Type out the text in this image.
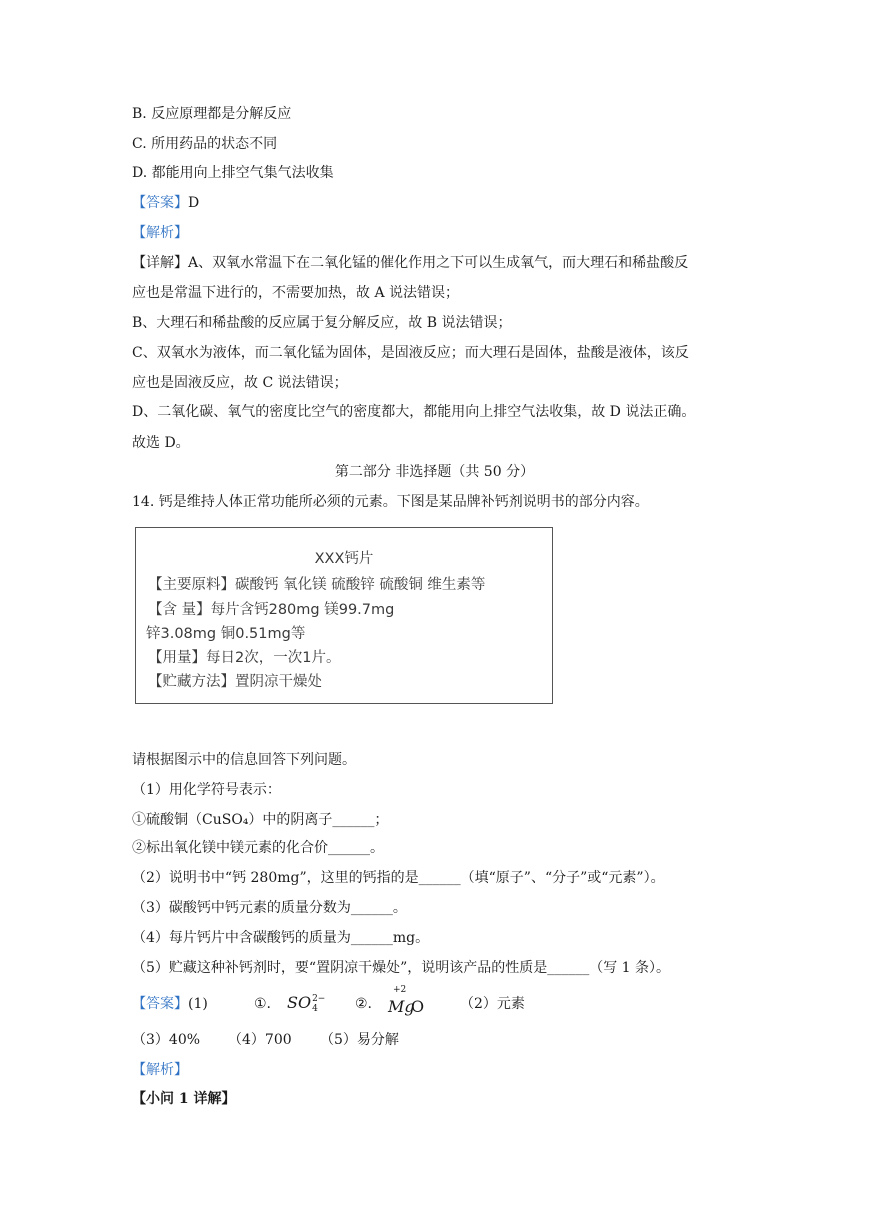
B. 反应原理都是分解反应
C. 所用药品的状态不同
D. 都能用向上排空气集气法收集
【答案】D
【解析】
【详解】A、双氧水常温下在二氧化锰的催化作用之下可以生成氧气，而大理石和稀盐酸反
应也是常温下进行的，不需要加热，故 A 说法错误；
B、大理石和稀盐酸的反应属于复分解反应，故 B 说法错误；
C、双氧水为液体，而二氧化锰为固体，是固液反应；而大理石是固体，盐酸是液体，该反
应也是固液反应，故 C 说法错误；
D、二氧化碳、氧气的密度比空气的密度都大，都能用向上排空气法收集，故 D 说法正确。
故选 D。
第二部分 非选择题（共 50 分）
14. 钙是维持人体正常功能所必须的元素。下图是某品牌补钙剂说明书的部分内容。
XXX钙片
【主要原料】碳酸钙 氧化镁 硫酸锌 硫酸铜 维生素等
【含 量】每片含钙280mg 镁99.7mg
锌3.08mg 铜0.51mg等
【用量】每日2次，一次1片。
【贮藏方法】置阴凉干燥处
请根据图示中的信息回答下列问题。
（1）用化学符号表示：
①硫酸铜（CuSO₄）中的阴离子______；
②标出氧化镁中镁元素的化合价______。
（2）说明书中“钙 280mg”，这里的钙指的是______（填“原子”、“分子”或“元素”）。
（3）碳酸钙中钙元素的质量分数为______。
（4）每片钙片中含碳酸钙的质量为______mg。
（5）贮藏这种补钙剂时，要“置阴凉干燥处”，说明该产品的性质是______（写 1 条）。
【答案】 (1)	①. SO 2−
4	②.
+2
Mg
O	（2）元素
（3）40% （4）700 （5）易分解
【解析】
【小问 1 详解】
